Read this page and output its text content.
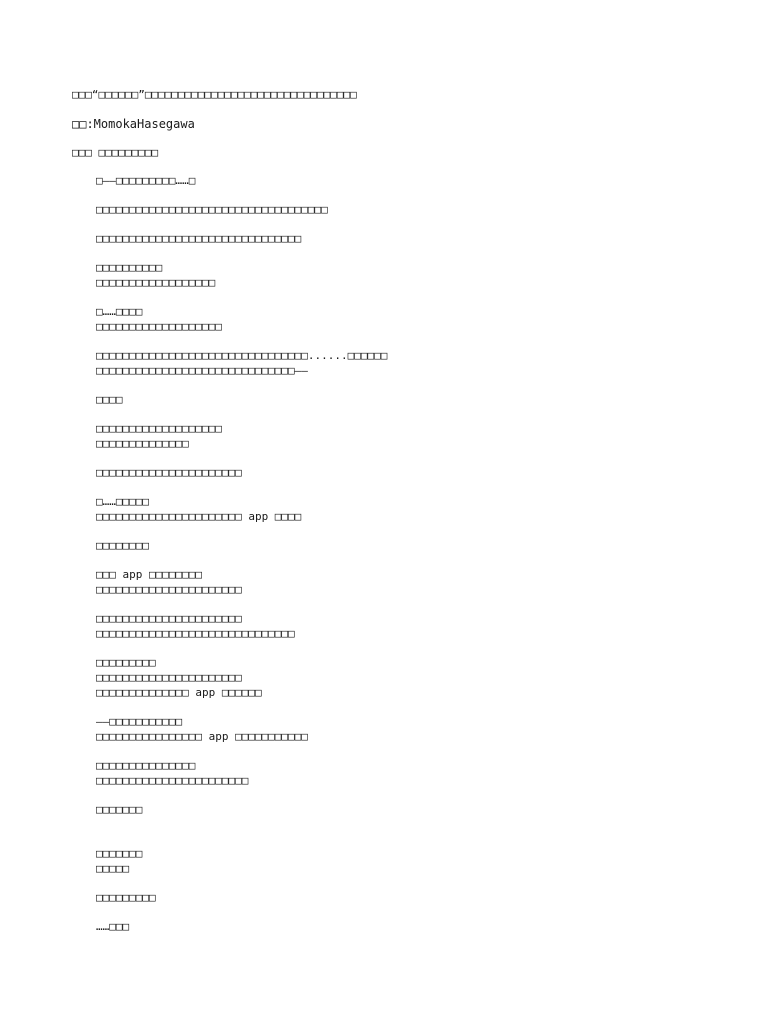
□□□“□□□□□□”□□□□□□□□□□□□□□□□□□□□□□□□□□□□□□□□
□□:MomokaHasegawa
□□□ □□□□□□□□□
□——□□□□□□□□□……□
□□□□□□□□□□□□□□□□□□□□□□□□□□□□□□□□□□□
□□□□□□□□□□□□□□□□□□□□□□□□□□□□□□□
□□□□□□□□□□
□□□□□□□□□□□□□□□□□□
□……□□□□
□□□□□□□□□□□□□□□□□□□
□□□□□□□□□□□□□□□□□□□□□□□□□□□□□□□□......□□□□□□
□□□□□□□□□□□□□□□□□□□□□□□□□□□□□□——
□□□□
□□□□□□□□□□□□□□□□□□□
□□□□□□□□□□□□□□
□□□□□□□□□□□□□□□□□□□□□□
□……□□□□□
□□□□□□□□□□□□□□□□□□□□□□ app □□□□
□□□□□□□□
□□□ app □□□□□□□□
□□□□□□□□□□□□□□□□□□□□□□
□□□□□□□□□□□□□□□□□□□□□□
□□□□□□□□□□□□□□□□□□□□□□□□□□□□□□
□□□□□□□□□
□□□□□□□□□□□□□□□□□□□□□□
□□□□□□□□□□□□□□ app □□□□□□
——□□□□□□□□□□□
□□□□□□□□□□□□□□□□ app □□□□□□□□□□□
□□□□□□□□□□□□□□□
□□□□□□□□□□□□□□□□□□□□□□□
□□□□□□□
□□□□□□□
□□□□□
□□□□□□□□□
……□□□
